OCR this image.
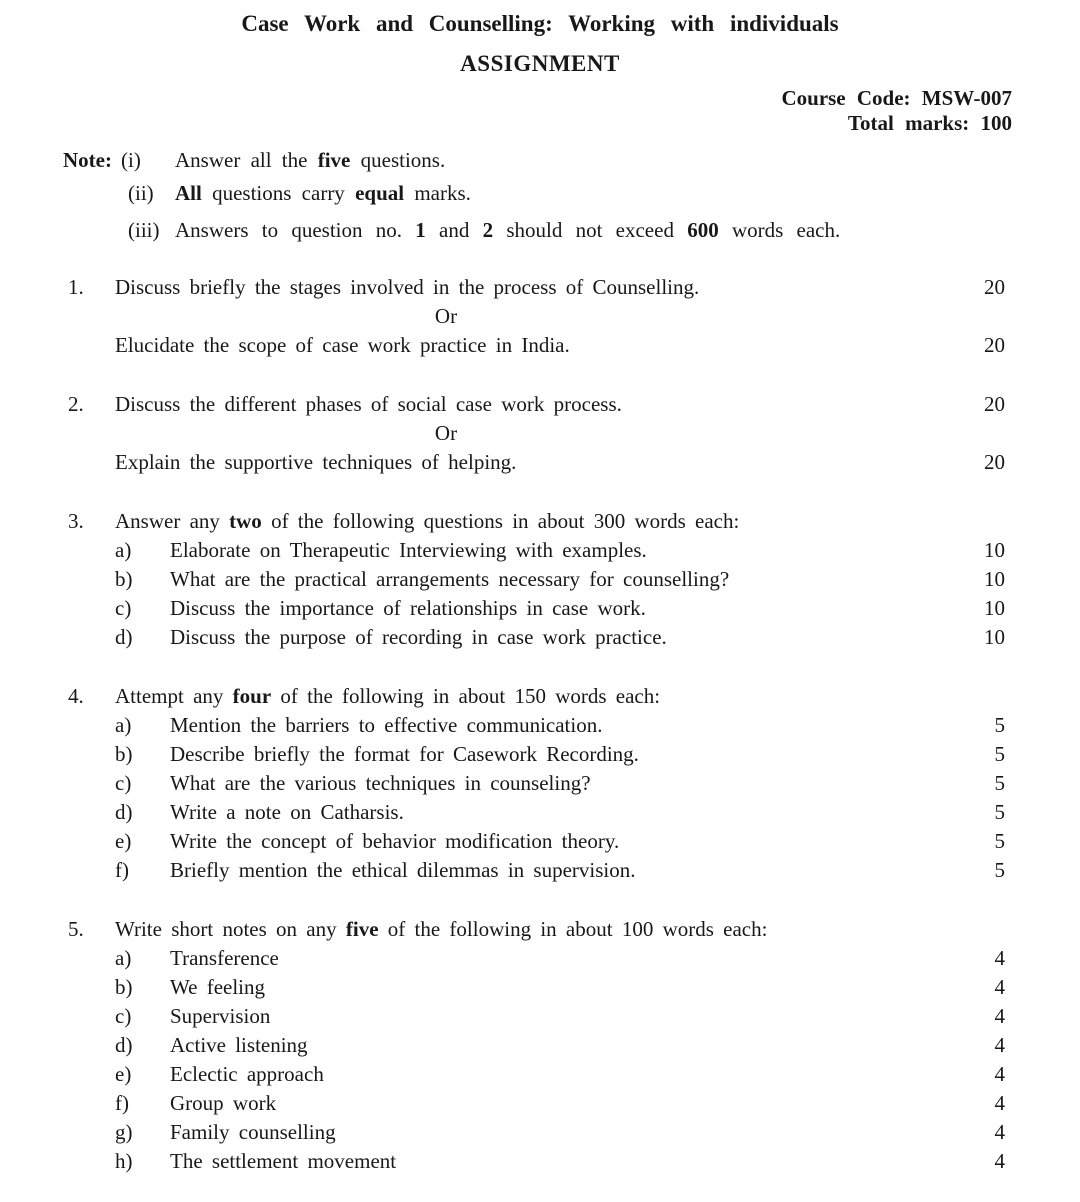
Case Work and Counselling: Working with individuals
ASSIGNMENT
Course Code: MSW-007
Total marks: 100
Note: (i)	Answer all the five questions.
(ii)	All questions carry equal marks.
(iii) Answers to question no. 1 and 2 should not exceed 600 words each.
1.	Discuss briefly the stages involved in the process of Counselling.	20
Or
Elucidate the scope of case work practice in India.	20
2.	Discuss the different phases of social case work process.	20
Or
Explain the supportive techniques of helping.	20
3.	Answer any two of the following questions in about 300 words each:
a)	Elaborate on Therapeutic Interviewing with examples.	10
b)	What are the practical arrangements necessary for counselling?	10
c)	Discuss the importance of relationships in case work.	10
d)	Discuss the purpose of recording in case work practice.	10
4.	Attempt any four of the following in about 150 words each:
a)	Mention the barriers to effective communication.	5
b)	Describe briefly the format for Casework Recording.	5
c)	What are the various techniques in counseling?	5
d)	Write a note on Catharsis.	5
e)	Write the concept of behavior modification theory.	5
f)	Briefly mention the ethical dilemmas in supervision.	5
5.	Write short notes on any five of the following in about 100 words each:
a)	Transference	4
b)	We feeling	4
c)	Supervision	4
d)	Active listening	4
e)	Eclectic approach	4
f)	Group work	4
g)	Family counselling	4
h)	The settlement movement	4
